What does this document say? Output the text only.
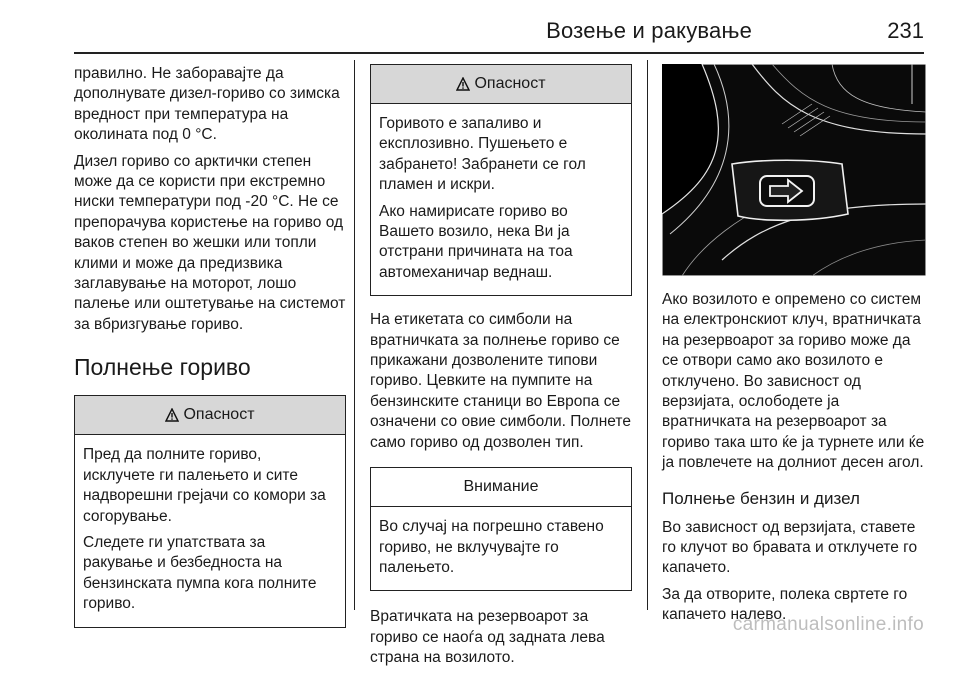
Возење и ракување	231

правилно. Не заборавајте да дополнувате дизел-гориво со зимска вредност при температура на околината под 0 °C.

Дизел гориво со арктички степен може да се користи при екстремно ниски температури под -20 °C. Не се препорачува користење на гориво од ваков степен во жешки или топли клими и може да предизвика заглавување на моторот, лошо палење или оштетување на системот за вбризгување гориво.

Полнење гориво
Опасност

Пред да полните гориво, исклучете ги палењето и сите надворешни грејачи со комори за согорување.

Следете ги упатствата за ракување и безбедноста на бензинската пумпа кога полните гориво.

Опасност

Горивото е запаливо и експлозивно. Пушењето е забрането! Забранети се гол пламен и искри.

Ако намирисате гориво во Вашето возило, нека Ви ја отстрани причината на тоа автомеханичар веднаш.

На етикетата со симболи на вратничката за полнење гориво се прикажани дозволените типови гориво. Цевките на пумпите на бензинските станици во Европа се означени со овие симболи. Полнете само гориво од дозволен тип.

Внимание

Во случај на погрешно ставено гориво, не вклучувајте го палењето.

Вратичката на резервоарот за гориво се наоѓа од задната лева страна на возилото.

Ако возилото е опремено со систем на електронскиот клуч, вратничката на резервоарот за гориво може да се отвори само ако возилото е отклучено. Во зависност од верзијата, ослободете ја вратничката на резервоарот за гориво така што ќе ја турнете или ќе ја повлечете на долниот десен агол.

Полнење бензин и дизел

Во зависност од верзијата, ставете го клучот во бравата и отклучете го капачето.

За да отворите, полека свртете го капачето налево.

carmanualsonline.info
